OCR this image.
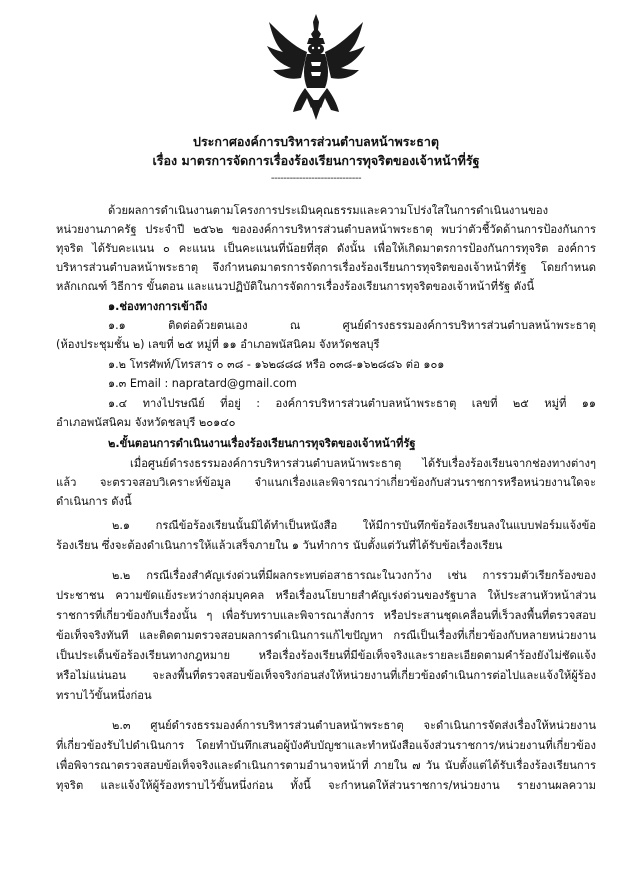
ประกาศองค์การบริหารส่วนตำบลหน้าพระธาตุ
เรื่อง มาตรการจัดการเรื่องร้องเรียนการทุจริตของเจ้าหน้าที่รัฐ
-----------------------------
ด้วยผลการดำเนินงานตามโครงการประเมินคุณธรรมและความโปร่งใสในการดำเนินงานของ
หน่วยงานภาครัฐ ประจำปี ๒๕๖๒ ขององค์การบริหารส่วนตำบลหน้าพระธาตุ พบว่าตัวชี้วัดด้านการป้องกันการ
ทุจริต ได้รับคะแนน ๐ คะแนน เป็นคะแนนที่น้อยที่สุด ดังนั้น เพื่อให้เกิดมาตรการป้องกันการทุจริต องค์การ
บริหารส่วนตำบลหน้าพระธาตุ จึงกำหนดมาตรการจัดการเรื่องร้องเรียนการทุจริตของเจ้าหน้าที่รัฐ โดยกำหนด
หลักเกณฑ์ วิธีการ ขั้นตอน และแนวปฏิบัติในการจัดการเรื่องร้องเรียนการทุจริตของเจ้าหน้าที่รัฐ ดังนี้
๑.ช่องทางการเข้าถึง
๑.๑ ติดต่อด้วยตนเอง ณ ศูนย์ดำรงธรรมองค์การบริหารส่วนตำบลหน้าพระธาตุ
(ห้องประชุมชั้น ๒) เลขที่ ๒๕ หมู่ที่ ๑๑ อำเภอพนัสนิคม จังหวัดชลบุรี
๑.๒ โทรศัพท์/โทรสาร ๐ ๓๘ - ๑๖๒๘๘๘ หรือ ๐๓๘-๑๖๒๘๘๖ ต่อ ๑๐๑
๑.๓ Email : napratard@gmail.com
๑.๔ ทางไปรษณีย์ ที่อยู่ : องค์การบริหารส่วนตำบลหน้าพระธาตุ เลขที่ ๒๕ หมู่ที่ ๑๑
อำเภอพนัสนิคม จังหวัดชลบุรี ๒๐๑๔๐
๒.ขั้นตอนการดำเนินงานเรื่องร้องเรียนการทุจริตของเจ้าหน้าที่รัฐ
เมื่อศูนย์ดำรงธรรมองค์การบริหารส่วนตำบลหน้าพระธาตุ ได้รับเรื่องร้องเรียนจากช่องทางต่างๆ
แล้ว จะตรวจสอบวิเคราะห์ข้อมูล จำแนกเรื่องและพิจารณาว่าเกี่ยวข้องกับส่วนราชการหรือหน่วยงานใดจะ
ดำเนินการ ดังนี้
๒.๑ กรณีข้อร้องเรียนนั้นมิได้ทำเป็นหนังสือ ให้มีการบันทึกข้อร้องเรียนลงในแบบฟอร์มแจ้งข้อ
ร้องเรียน ซึ่งจะต้องดำเนินการให้แล้วเสร็จภายใน ๑ วันทำการ นับตั้งแต่วันที่ได้รับข้อเรื่องเรียน
๒.๒ กรณีเรื่องสำคัญเร่งด่วนที่มีผลกระทบต่อสาธารณะในวงกว้าง เช่น การรวมตัวเรียกร้องของ
ประชาชน ความขัดแย้งระหว่างกลุ่มบุคคล หรือเรื่องนโยบายสำคัญเร่งด่วนของรัฐบาล ให้ประสานหัวหน้าส่วน
ราชการที่เกี่ยวข้องกับเรื่องนั้น ๆ เพื่อรับทราบและพิจารณาสั่งการ หรือประสานชุดเคลื่อนที่เร็วลงพื้นที่ตรวจสอบ
ข้อเท็จจริงทันที และติดตามตรวจสอบผลการดำเนินการแก้ไขปัญหา กรณีเป็นเรื่องที่เกี่ยวข้องกับหลายหน่วยงาน
เป็นประเด็นข้อร้องเรียนทางกฎหมาย หรือเรื่องร้องเรียนที่มีข้อเท็จจริงและรายละเอียดตามคำร้องยังไม่ชัดแจ้ง
หรือไม่แน่นอน จะลงพื้นที่ตรวจสอบข้อเท็จจริงก่อนส่งให้หน่วยงานที่เกี่ยวข้องดำเนินการต่อไปและแจ้งให้ผู้ร้อง
ทราบไว้ขั้นหนึ่งก่อน
๒.๓ ศูนย์ดำรงธรรมองค์การบริหารส่วนตำบลหน้าพระธาตุ จะดำเนินการจัดส่งเรื่องให้หน่วยงาน
ที่เกี่ยวข้องรับไปดำเนินการ โดยทำบันทึกเสนอผู้บังคับบัญชาและทำหนังสือแจ้งส่วนราชการ/หน่วยงานที่เกี่ยวข้อง
เพื่อพิจารณาตรวจสอบข้อเท็จจริงและดำเนินการตามอำนาจหน้าที่ ภายใน ๗ วัน นับตั้งแต่ได้รับเรื่องร้องเรียนการ
ทุจริต และแจ้งให้ผู้ร้องทราบไว้ขั้นหนึ่งก่อน ทั้งนี้ จะกำหนดให้ส่วนราชการ/หน่วยงาน รายงานผลความ
